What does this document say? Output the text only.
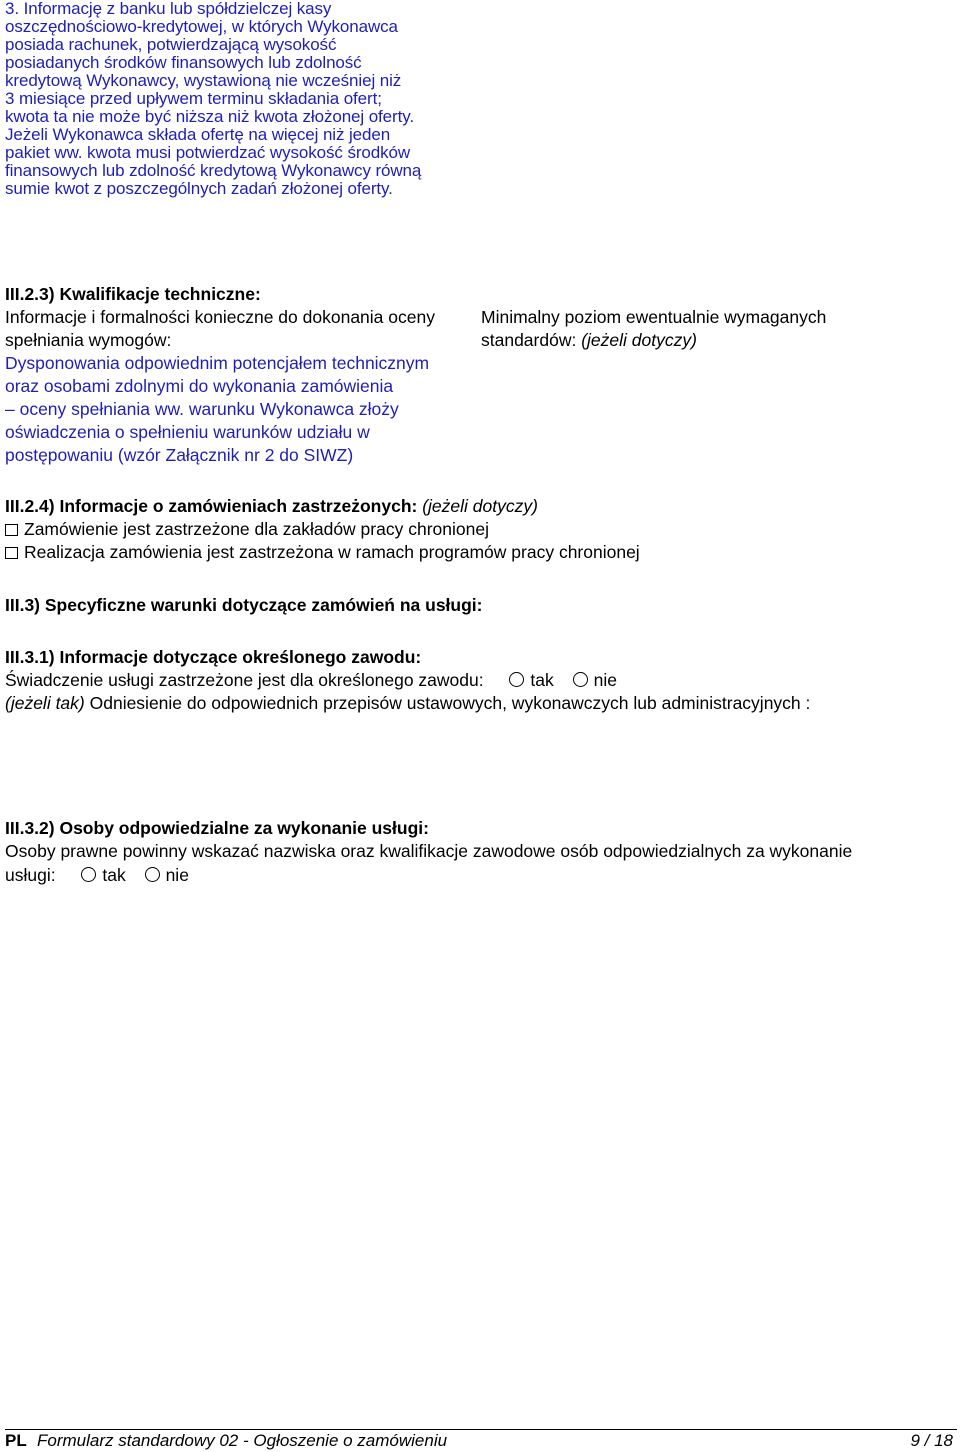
3. Informację z banku lub spółdzielczej kasy
oszczędnościowo-kredytowej, w których Wykonawca
posiada rachunek, potwierdzającą wysokość
posiadanych środków finansowych lub zdolność
kredytową Wykonawcy, wystawioną nie wcześniej niż
3 miesiące przed upływem terminu składania ofert;
kwota ta nie może być niższa niż kwota złożonej oferty.
Jeżeli Wykonawca składa ofertę na więcej niż jeden
pakiet ww. kwota musi potwierdzać wysokość środków
finansowych lub zdolność kredytową Wykonawcy równą
sumie kwot z poszczególnych zadań złożonej oferty.
III.2.3) Kwalifikacje techniczne:
Informacje i formalności konieczne do dokonania oceny	Minimalny poziom ewentualnie wymaganych
spełniania wymogów:	standardów: (jeżeli dotyczy)
Dysponowania odpowiednim potencjałem technicznym
oraz osobami zdolnymi do wykonania zamówienia
– oceny spełniania ww. warunku Wykonawca złoży
oświadczenia o spełnieniu warunków udziału w
postępowaniu (wzór Załącznik nr 2 do SIWZ)
III.2.4) Informacje o zamówieniach zastrzeżonych: (jeżeli dotyczy)
Zamówienie jest zastrzeżone dla zakładów pracy chronionej
Realizacja zamówienia jest zastrzeżona w ramach programów pracy chronionej
III.3) Specyficzne warunki dotyczące zamówień na usługi:
III.3.1) Informacje dotyczące określonego zawodu:
Świadczenie usługi zastrzeżone jest dla określonego zawodu:	tak nie
(jeżeli tak) Odniesienie do odpowiednich przepisów ustawowych, wykonawczych lub administracyjnych :
III.3.2) Osoby odpowiedzialne za wykonanie usługi:
Osoby prawne powinny wskazać nazwiska oraz kwalifikacje zawodowe osób odpowiedzialnych za wykonanie
usługi:	tak nie
PL Formularz standardowy 02 - Ogłoszenie o zamówieniu	9 / 18
